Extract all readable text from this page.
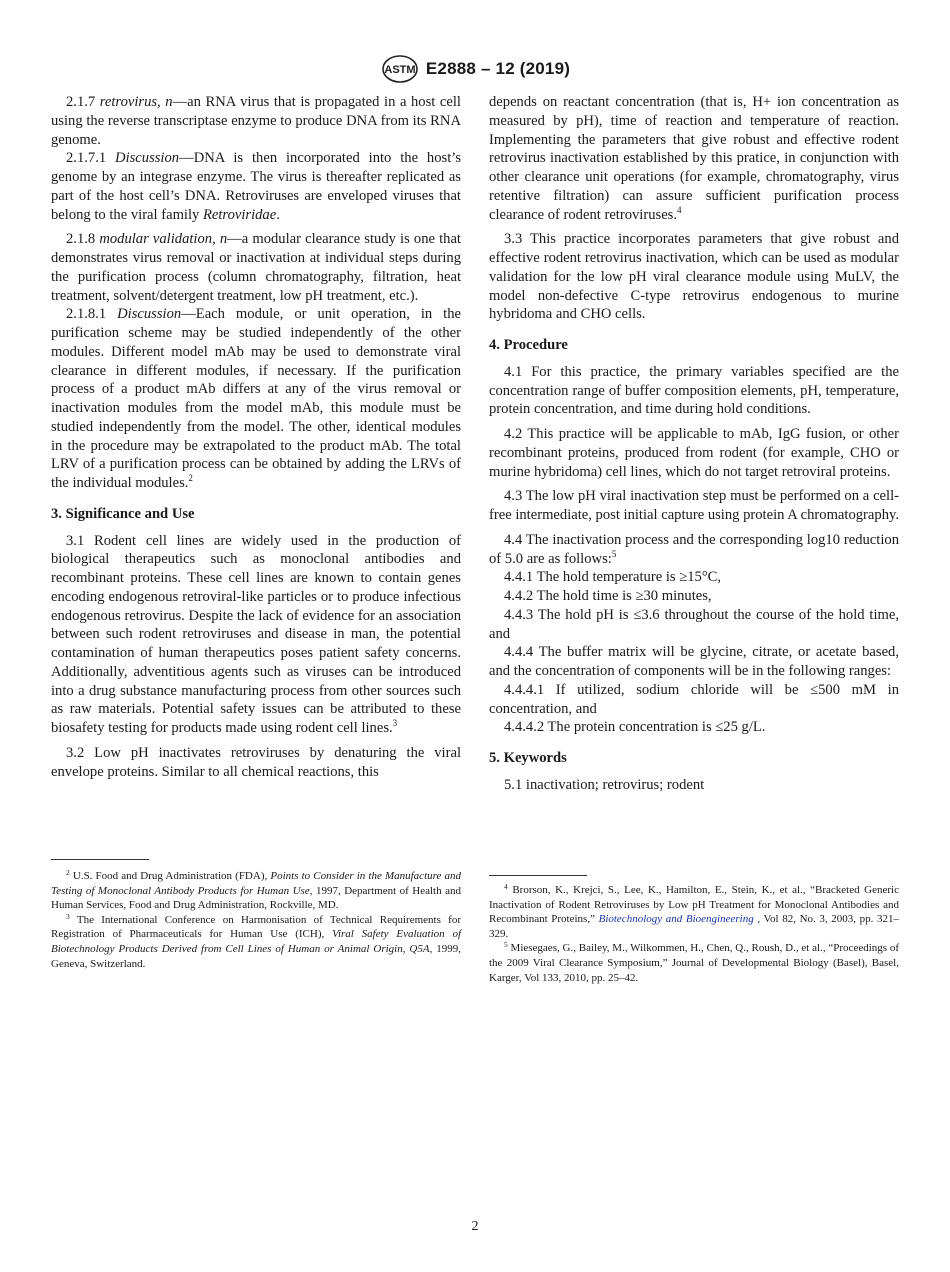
ASTM E2888 – 12 (2019)

2.1.7 retrovirus, n—an RNA virus that is propagated in a host cell using the reverse transcriptase enzyme to produce DNA from its RNA genome.

2.1.7.1 Discussion—DNA is then incorporated into the host’s genome by an integrase enzyme. The virus is thereafter replicated as part of the host cell’s DNA. Retroviruses are enveloped viruses that belong to the viral family Retroviridae.

2.1.8 modular validation, n—a modular clearance study is one that demonstrates virus removal or inactivation at individual steps during the purification process (column chromatography, filtration, heat treatment, solvent/detergent treatment, low pH treatment, etc.).

2.1.8.1 Discussion—Each module, or unit operation, in the purification scheme may be studied independently of the other modules. Different model mAb may be used to demonstrate viral clearance in different modules, if necessary. If the purification process of a product mAb differs at any of the virus removal or inactivation modules from the model mAb, this module must be studied independently from the model. The other, identical modules in the procedure may be extrapolated to the product mAb. The total LRV of a purification process can be obtained by adding the LRVs of the individual modules.$^2$

3. Significance and Use

3.1 Rodent cell lines are widely used in the production of biological therapeutics such as monoclonal antibodies and recombinant proteins. These cell lines are known to contain genes encoding endogenous retroviral-like particles or to produce infectious endogenous retrovirus. Despite the lack of evidence for an association between such rodent retroviruses and disease in man, the potential contamination of human therapeutics poses patient safety concerns. Additionally, adventitious agents such as viruses can be introduced into a drug substance manufacturing process from other sources such as raw materials. Potential safety issues can be attributed to these biosafety testing for products made using rodent cell lines.$^3$

3.2 Low pH inactivates retroviruses by denaturing the viral envelope proteins. Similar to all chemical reactions, this

$^2$ U.S. Food and Drug Administration (FDA), Points to Consider in the Manufacture and Testing of Monoclonal Antibody Products for Human Use, 1997, Department of Health and Human Services, Food and Drug Administration, Rockville, MD.

$^3$ The International Conference on Harmonisation of Technical Requirements for Registration of Pharmaceuticals for Human Use (ICH), Viral Safety Evaluation of Biotechnology Products Derived from Cell Lines of Human or Animal Origin, Q5A, 1999, Geneva, Switzerland.

depends on reactant concentration (that is, H+ ion concentration as measured by pH), time of reaction and temperature of reaction. Implementing the parameters that give robust and effective rodent retrovirus inactivation established by this pratice, in conjunction with other clearance unit operations (for example, chromatography, virus retentive filtration) can assure sufficient purification process clearance of rodent retroviruses.$^4$

3.3 This practice incorporates parameters that give robust and effective rodent retrovirus inactivation, which can be used as modular validation for the low pH viral clearance module using MuLV, the model non-defective C-type retrovirus endogenous to murine hybridoma and CHO cells.

4. Procedure

4.1 For this practice, the primary variables specified are the concentration range of buffer composition elements, pH, temperature, protein concentration, and time during hold conditions.

4.2 This practice will be applicable to mAb, IgG fusion, or other recombinant proteins, produced from rodent (for example, CHO or murine hybridoma) cell lines, which do not target retroviral proteins.

4.3 The low pH viral inactivation step must be performed on a cell-free intermediate, post initial capture using protein A chromatography.

4.4 The inactivation process and the corresponding log10 reduction of 5.0 are as follows:$^5$

4.4.1 The hold temperature is ≥15°C,

4.4.2 The hold time is ≥30 minutes,

4.4.3 The hold pH is ≤3.6 throughout the course of the hold time, and

4.4.4 The buffer matrix will be glycine, citrate, or acetate based, and the concentration of components will be in the following ranges:

4.4.4.1 If utilized, sodium chloride will be ≤500 mM in concentration, and

4.4.4.2 The protein concentration is ≤25 g/L.

5. Keywords

5.1 inactivation; retrovirus; rodent

$^4$ Brorson, K., Krejci, S., Lee, K., Hamilton, E., Stein, K., et al., “Bracketed Generic Inactivation of Rodent Retroviruses by Low pH Treatment for Monoclonal Antibodies and Recombinant Proteins,” Biotechnology and Bioengineering , Vol 82, No. 3, 2003, pp. 321–329.

$^5$ Miesegaes, G., Bailey, M., Wilkommen, H., Chen, Q., Roush, D., et al., “Proceedings of the 2009 Viral Clearance Symposium,” Journal of Developmental Biology (Basel), Basel, Karger, Vol 133, 2010, pp. 25–42.

2
